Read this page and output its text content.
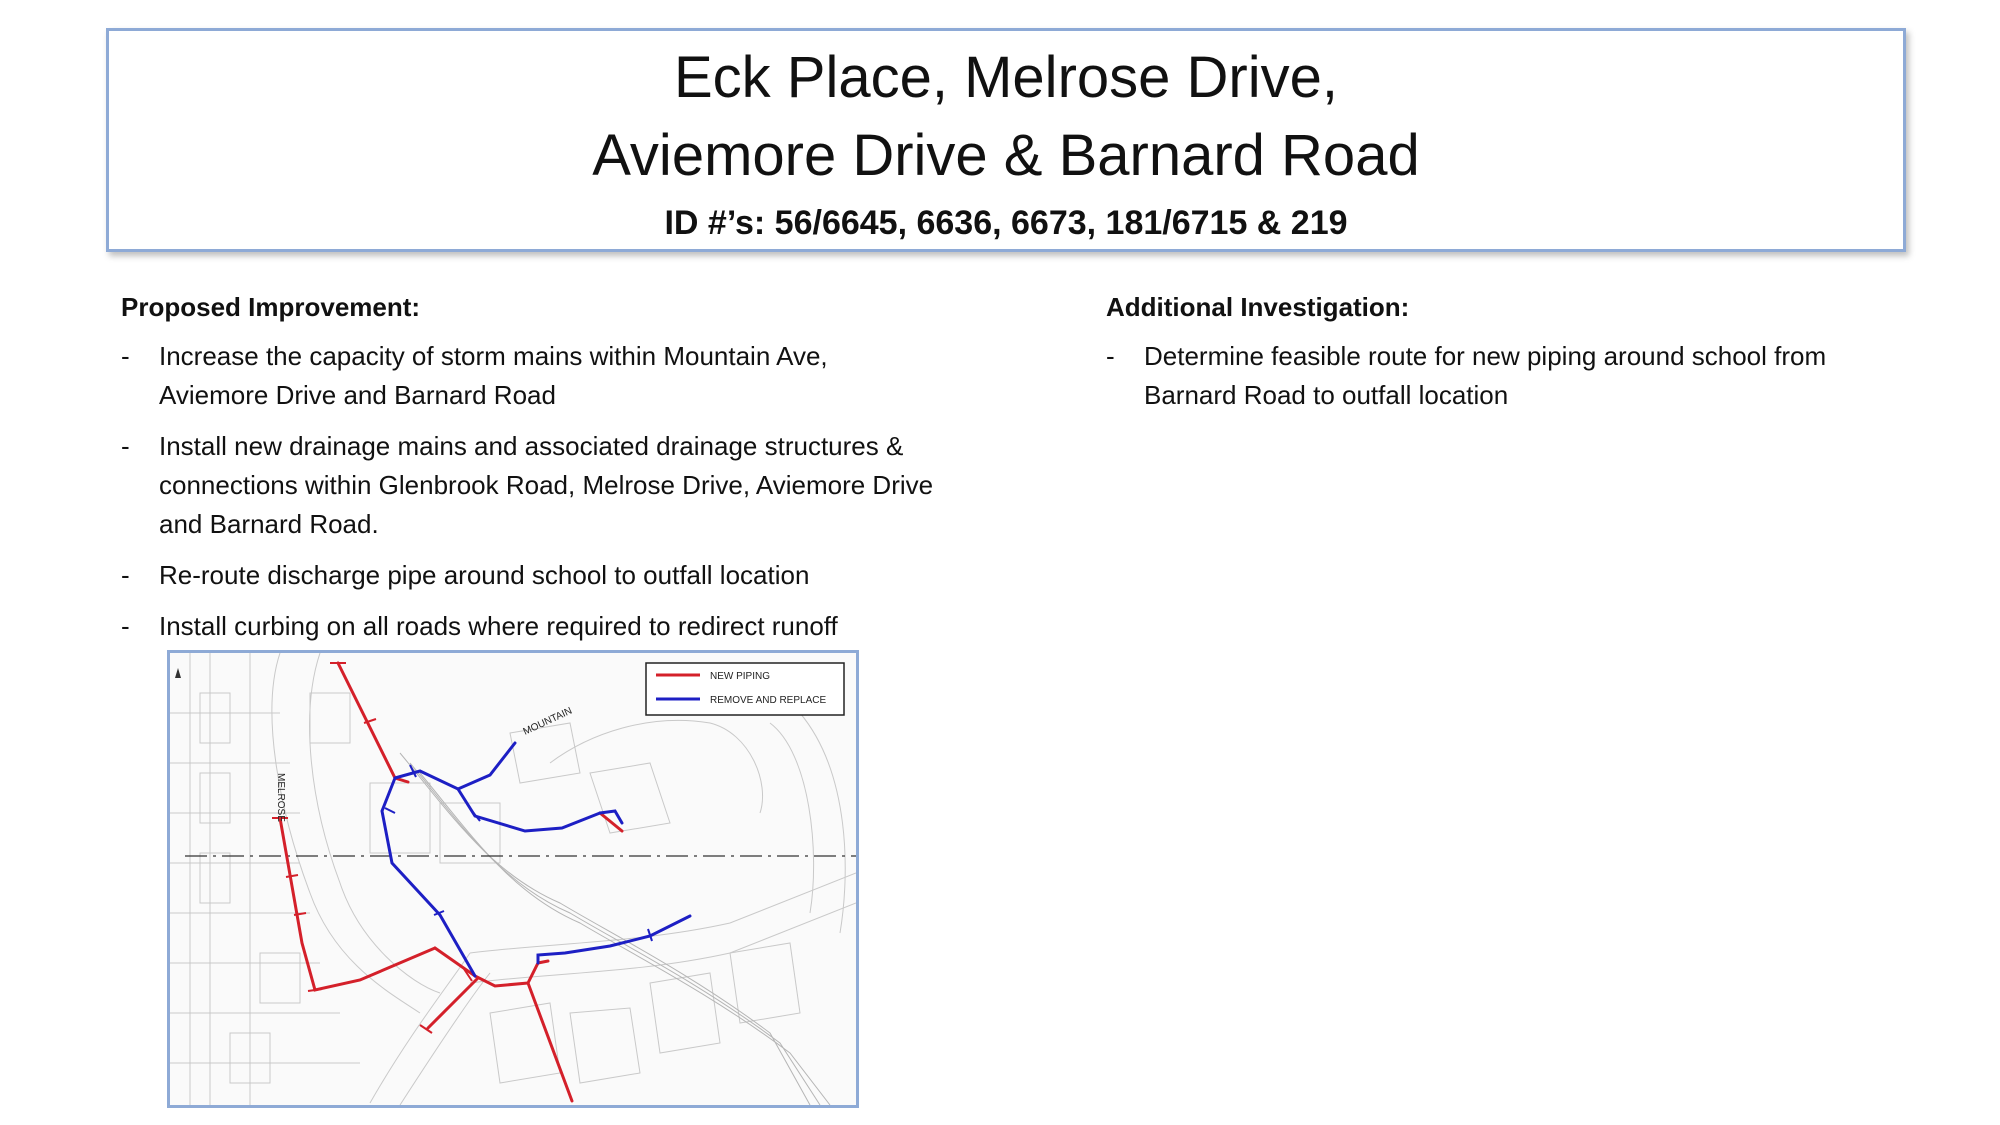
Eck Place, Melrose Drive,
Aviemore Drive & Barnard Road
ID #’s: 56/6645, 6636, 6673, 181/6715 & 219
Proposed Improvement:
- Increase the capacity of storm mains within Mountain Ave, Aviemore Drive and Barnard Road
- Install new drainage mains and associated drainage structures & connections within Glenbrook Road, Melrose Drive, Aviemore Drive and Barnard Road.
- Re-route discharge pipe around school to outfall location
- Install curbing on all roads where required to redirect runoff
Additional Investigation:
- Determine feasible route for new piping around school from Barnard Road to outfall location
MELROSE
MOUNTAIN
NEW PIPING
REMOVE AND REPLACE
